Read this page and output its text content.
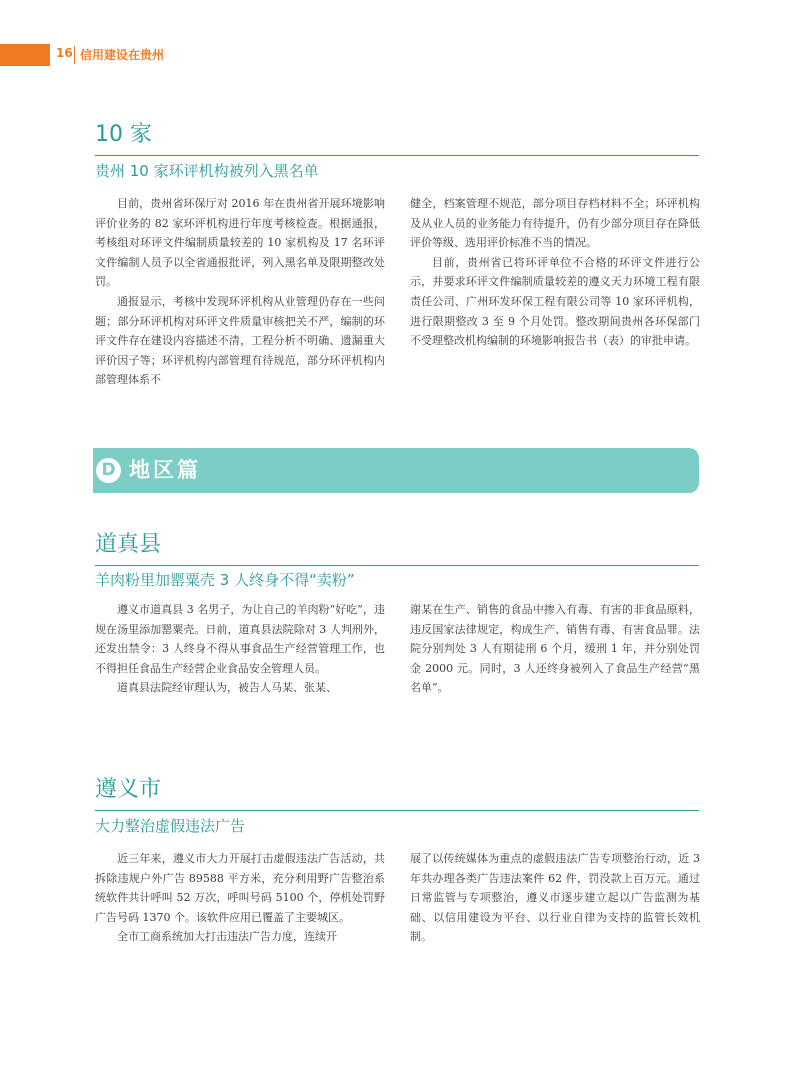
16 信用建设在贵州
10 家
贵州 10 家环评机构被列入黑名单

目前，贵州省环保厅对 2016 年在贵州省开展环境影响评价业务的 82 家环评机构进行年度考核检查。根据通报，考核组对环评文件编制质量较差的 10 家机构及 17 名环评文件编制人员予以全省通报批评，列入黑名单及限期整改处罚。

通报显示，考核中发现环评机构从业管理仍存在一些问题；部分环评机构对环评文件质量审核把关不严，编制的环评文件存在建设内容描述不清，工程分析不明确、遗漏重大评价因子等；环评机构内部管理有待规范，部分环评机构内部管理体系不

健全，档案管理不规范，部分项目存档材料不全；环评机构及从业人员的业务能力有待提升，仍有少部分项目存在降低评价等级、选用评价标准不当的情况。

目前，贵州省已将环评单位不合格的环评文件进行公示，并要求环评文件编制质量较差的遵义天力环境工程有限责任公司、广州环发环保工程有限公司等 10 家环评机构，进行限期整改 3 至 9 个月处罚。整改期间贵州各环保部门不受理整改机构编制的环境影响报告书（表）的审批申请。

D 地区篇
道真县
羊肉粉里加罂粟壳 3 人终身不得“卖粉”

遵义市道真县 3 名男子，为让自己的羊肉粉“好吃”，违规在汤里添加罂粟壳。日前，道真县法院除对 3 人判刑外，还发出禁令：3 人终身不得从事食品生产经营管理工作，也不得担任食品生产经营企业食品安全管理人员。

道真县法院经审理认为，被告人马某、张某、

谢某在生产、销售的食品中掺入有毒、有害的非食品原料，违反国家法律规定，构成生产、销售有毒、有害食品罪。法院分别判处 3 人有期徒刑 6 个月，缓刑 1 年，并分别处罚金 2000 元。同时，3 人还终身被列入了食品生产经营“黑名单”。

遵义市
大力整治虚假违法广告

近三年来，遵义市大力开展打击虚假违法广告活动，共拆除违规户外广告 89588 平方米，充分利用野广告整治系统软件共计呼叫 52 万次，呼叫号码 5100 个，停机处罚野广告号码 1370 个。该软件应用已覆盖了主要城区。

全市工商系统加大打击违法广告力度，连续开

展了以传统媒体为重点的虚假违法广告专项整治行动，近 3 年共办理各类广告违法案件 62 件，罚没款上百万元。通过日常监管与专项整治，遵义市逐步建立起以广告监测为基础、以信用建设为平台、以行业自律为支持的监管长效机制。
